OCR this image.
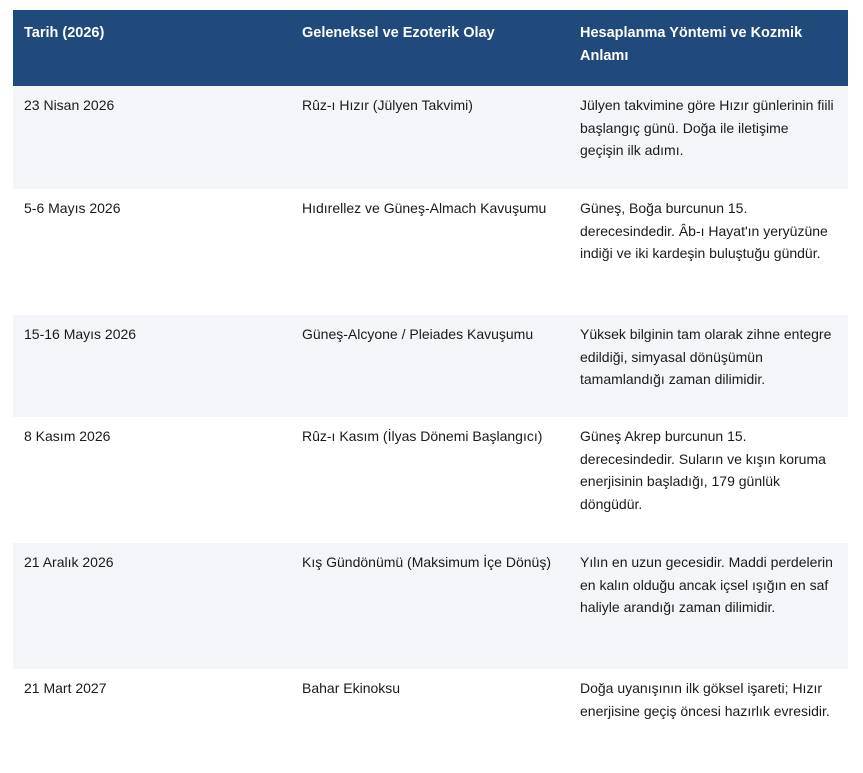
Tarih (2026)	Geleneksel ve Ezoterik Olay	Hesaplanma Yöntemi ve Kozmik Anlamı
23 Nisan 2026	Rûz-ı Hızır (Jülyen Takvimi)	Jülyen takvimine göre Hızır günlerinin fiili başlangıç günü. Doğa ile iletişime geçişin ilk adımı.
5-6 Mayıs 2026	Hıdırellez ve Güneş-Almach Kavuşumu	Güneş, Boğa burcunun 15. derecesindedir. Âb-ı Hayat'ın yeryüzüne indiği ve iki kardeşin buluştuğu gündür.
15-16 Mayıs 2026	Güneş-Alcyone / Pleiades Kavuşumu	Yüksek bilginin tam olarak zihne entegre edildiği, simyasal dönüşümün tamamlandığı zaman dilimidir.
8 Kasım 2026	Rûz-ı Kasım (İlyas Dönemi Başlangıcı)	Güneş Akrep burcunun 15. derecesindedir. Suların ve kışın koruma enerjisinin başladığı, 179 günlük döngüdür.
21 Aralık 2026	Kış Gündönümü (Maksimum İçe Dönüş)	Yılın en uzun gecesidir. Maddi perdelerin en kalın olduğu ancak içsel ışığın en saf haliyle arandığı zaman dilimidir.
21 Mart 2027	Bahar Ekinoksu	Doğa uyanışının ilk göksel işareti; Hızır enerjisine geçiş öncesi hazırlık evresidir.
